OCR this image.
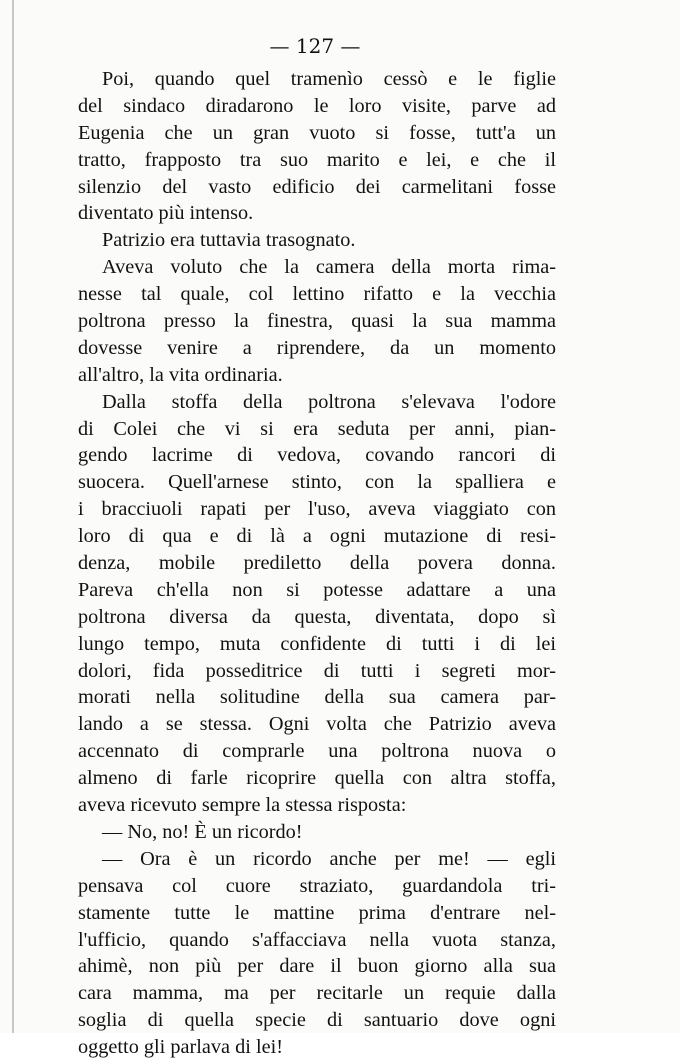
— 127 —
Poi, quando quel tramenìo cessò e le figlie
del sindaco diradarono le loro visite, parve ad
Eugenia che un gran vuoto si fosse, tutt'a un
tratto, frapposto tra suo marito e lei, e che il
silenzio del vasto edificio dei carmelitani fosse
diventato più intenso.
Patrizio era tuttavia trasognato.
Aveva voluto che la camera della morta rima-
nesse tal quale, col lettino rifatto e la vecchia
poltrona presso la finestra, quasi la sua mamma
dovesse venire a riprendere, da un momento
all'altro, la vita ordinaria.
Dalla stoffa della poltrona s'elevava l'odore
di Colei che vi si era seduta per anni, pian-
gendo lacrime di vedova, covando rancori di
suocera. Quell'arnese stinto, con la spalliera e
i bracciuoli rapati per l'uso, aveva viaggiato con
loro di qua e di là a ogni mutazione di resi-
denza, mobile prediletto della povera donna.
Pareva ch'ella non si potesse adattare a una
poltrona diversa da questa, diventata, dopo sì
lungo tempo, muta confidente di tutti i di lei
dolori, fida posseditrice di tutti i segreti mor-
morati nella solitudine della sua camera par-
lando a se stessa. Ogni volta che Patrizio aveva
accennato di comprarle una poltrona nuova o
almeno di farle ricoprire quella con altra stoffa,
aveva ricevuto sempre la stessa risposta:
— No, no! È un ricordo!
— Ora è un ricordo anche per me! — egli
pensava col cuore straziato, guardandola tri-
stamente tutte le mattine prima d'entrare nel-
l'ufficio, quando s'affacciava nella vuota stanza,
ahimè, non più per dare il buon giorno alla sua
cara mamma, ma per recitarle un requie dalla
soglia di quella specie di santuario dove ogni
oggetto gli parlava di lei!
